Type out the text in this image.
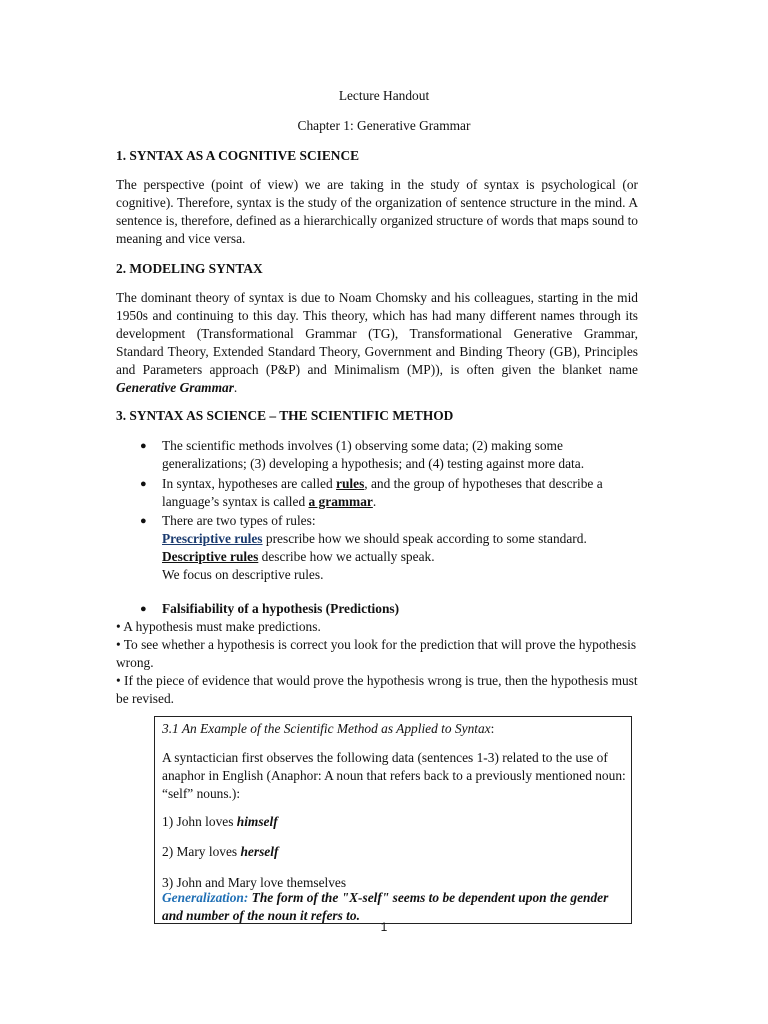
Lecture Handout
Chapter 1: Generative Grammar
1. SYNTAX AS A COGNITIVE SCIENCE
The perspective (point of view) we are taking in the study of syntax is psychological (or cognitive). Therefore, syntax is the study of the organization of sentence structure in the mind. A sentence is, therefore, defined as a hierarchically organized structure of words that maps sound to meaning and vice versa.
2. MODELING SYNTAX
The dominant theory of syntax is due to Noam Chomsky and his colleagues, starting in the mid 1950s and continuing to this day. This theory, which has had many different names through its development (Transformational Grammar (TG), Transformational Generative Grammar, Standard Theory, Extended Standard Theory, Government and Binding Theory (GB), Principles and Parameters approach (P&P) and Minimalism (MP)), is often given the blanket name Generative Grammar.
3. SYNTAX AS SCIENCE – THE SCIENTIFIC METHOD
● The scientific methods involves (1) observing some data; (2) making some generalizations; (3) developing a hypothesis; and (4) testing against more data.
● In syntax, hypotheses are called rules, and the group of hypotheses that describe a language’s syntax is called a grammar.
● There are two types of rules:
Prescriptive rules prescribe how we should speak according to some standard.
Descriptive rules describe how we actually speak.
We focus on descriptive rules.
● Falsifiability of a hypothesis (Predictions)
• A hypothesis must make predictions.
• To see whether a hypothesis is correct you look for the prediction that will prove the hypothesis wrong.
• If the piece of evidence that would prove the hypothesis wrong is true, then the hypothesis must be revised.
3.1 An Example of the Scientific Method as Applied to Syntax:
A syntactician first observes the following data (sentences 1-3) related to the use of anaphor in English (Anaphor: A noun that refers back to a previously mentioned noun: “self” nouns.):
1) John loves himself
2) Mary loves herself
3) John and Mary love themselves
Generalization: The form of the "X-self" seems to be dependent upon the gender and number of the noun it refers to.
1
